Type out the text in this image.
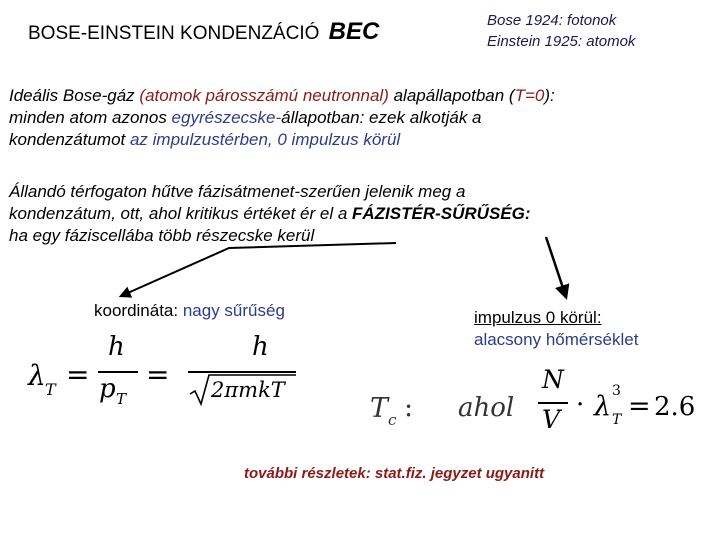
BOSE-EINSTEIN KONDENZÁCIÓ BEC	Bose 1924: fotonok
Einstein 1925: atomok
Ideális Bose-gáz (atomok párosszámú neutronnal) alapállapotban (T=0):
minden atom azonos egyrészecske-állapotban: ezek alkotják a
kondenzátumot az impulzustérben, 0 impulzus körül
Állandó térfogaton hűtve fázisátmenet-szerűen jelenik meg a
kondenzátum, ott, ahol kritikus értéket ér el a FÁZISTÉR-SŰRŰSÉG:
ha egy fáziscellába több részecske kerül
koordináta: nagy sűrűség	impulzus 0 körül:
alacsony hőmérséklet
λ T =
h
p T
=
h
2πmkT
T c : ahol
N
V · λ 3
T = 2.6
további részletek: stat.fiz. jegyzet ugyanitt
